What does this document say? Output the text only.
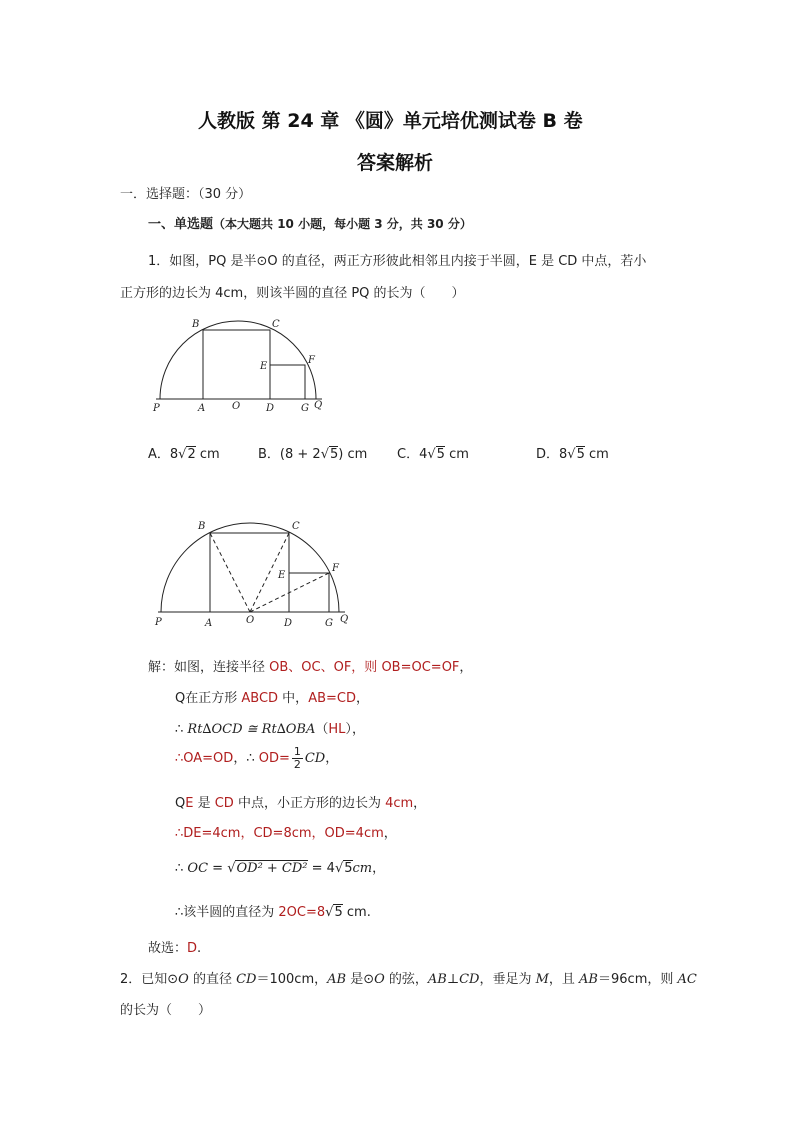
人教版 第 24 章 《圆》单元培优测试卷 B 卷
答案解析
一．选择题：（30 分）
一、单选题（本大题共 10 小题，每小题 3 分，共 30 分）
1．如图，PQ 是半⊙O 的直径，两正方形彼此相邻且内接于半圆，E 是 CD 中点，若小
正方形的边长为 4cm，则该半圆的直径 PQ 的长为（　　）
P	A	O	D	G Q
B	C
E
F
A．8√2 cm	B．(8 + 2√5) cm C．4√5 cm	D．8√5 cm
P	A	O	D	G Q
B	C
E
F
解：如图，连接半径 OB、OC、OF，则 OB=OC=OF，
Q在正方形 ABCD 中，AB=CD，
∴ Rt∆OCD ≅ Rt∆OBA（HL），
∴OA=OD，∴ $OD= \frac{1}{2}$ CD，
QE 是 CD 中点，小正方形的边长为 4cm，
∴DE=4cm，CD=8cm，OD=4cm，
∴ OC = √OD² + CD² = 4√5cm，
∴该半圆的直径为 2OC=8√5 cm.
故选：D.
2．已知⊙O 的直径 CD＝100cm，AB 是⊙O 的弦，AB⊥CD，垂足为 M，且 AB＝96cm，则 AC
的长为（　　）
